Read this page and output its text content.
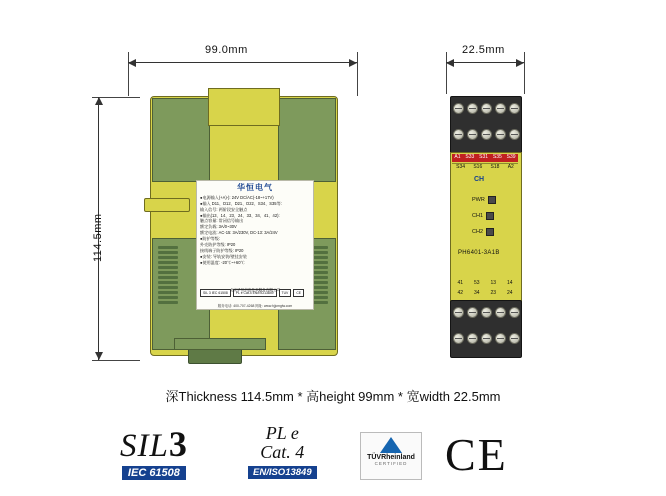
99.0mm	22.5mm
114.5mm
华恒电气
●电源输入(+A)-): 24V DC/AC(-18~+17V)
●输入 D11、D12、D21、D22、S34、S35等:
输入信号: 两阶段安全触点
●输出(13、14、23、24、33、34、41、42):
触点容量: 常闭信号输出
额定负载: 3A/0~30V
额定电流: AC-15: 3A/230V, DC-13: 3A/24V
●防护等级:
外壳防护等级: IP20
接线端子防护等级: IP20
●安装: 导轨安装/壁挂安装
●使用温度: -20℃~+60℃
SIL 3 IEC 61508	PL e Cat.4 EN/ISO13849	TUV	CE
北京华恒信息技术服务有限公司
服务电话: 400-707-4268 网址: www.hjjcmglw.com
A1 S33 S31 S35 S39
S34 S16 S18 A2
CH
PWR
CH1
CH2
PH6401-3A1B
41 53 13 14
42 34 23 24
深Thickness 114.5mm * 高height 99mm * 宽width 22.5mm
SIL3
IEC 61508
PL e
Cat. 4
EN/ISO13849
TÜVRheinland
CERTIFIED CE
